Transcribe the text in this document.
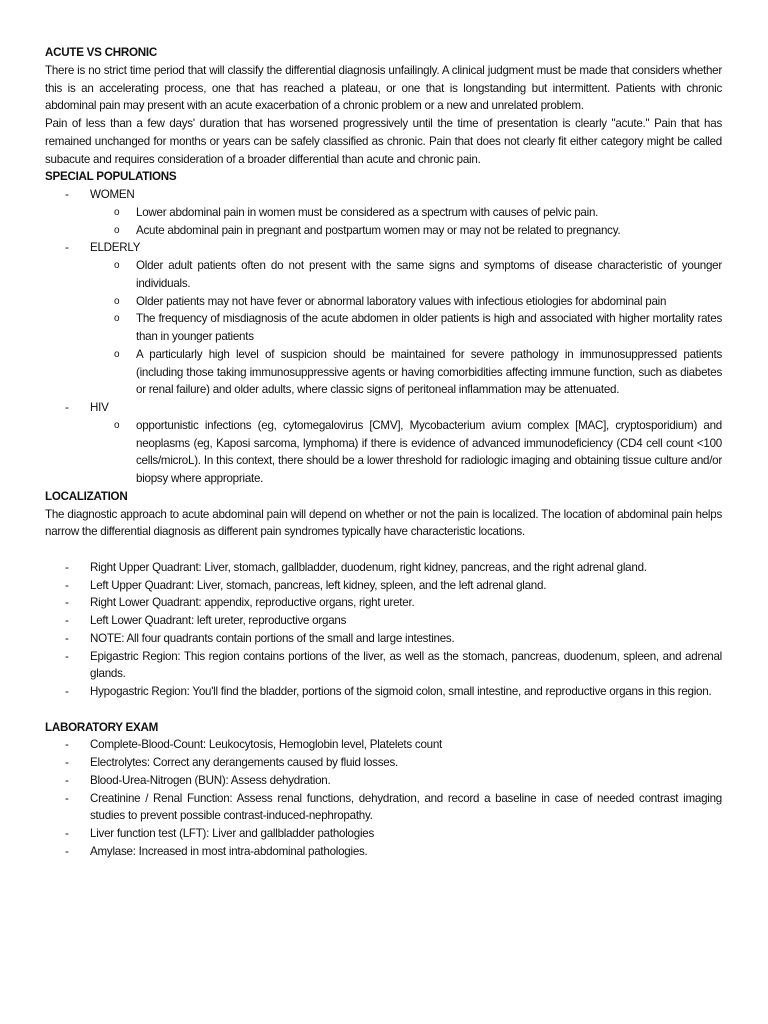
ACUTE VS CHRONIC

There is no strict time period that will classify the differential diagnosis unfailingly. A clinical judgment must be made that considers whether this is an accelerating process, one that has reached a plateau, or one that is longstanding but intermittent. Patients with chronic abdominal pain may present with an acute exacerbation of a chronic problem or a new and unrelated problem.

Pain of less than a few days' duration that has worsened progressively until the time of presentation is clearly "acute." Pain that has remained unchanged for months or years can be safely classified as chronic. Pain that does not clearly fit either category might be called subacute and requires consideration of a broader differential than acute and chronic pain.

SPECIAL POPULATIONS
- WOMEN
o Lower abdominal pain in women must be considered as a spectrum with causes of pelvic pain.
o Acute abdominal pain in pregnant and postpartum women may or may not be related to pregnancy.
- ELDERLY
o Older adult patients often do not present with the same signs and symptoms of disease characteristic of younger individuals.
o Older patients may not have fever or abnormal laboratory values with infectious etiologies for abdominal pain
o The frequency of misdiagnosis of the acute abdomen in older patients is high and associated with higher mortality rates than in younger patients
o A particularly high level of suspicion should be maintained for severe pathology in immunosuppressed patients (including those taking immunosuppressive agents or having comorbidities affecting immune function, such as diabetes or renal failure) and older adults, where classic signs of peritoneal inflammation may be attenuated.
- HIV
o opportunistic infections (eg, cytomegalovirus [CMV], Mycobacterium avium complex [MAC], cryptosporidium) and neoplasms (eg, Kaposi sarcoma, lymphoma) if there is evidence of advanced immunodeficiency (CD4 cell count <100 cells/microL). In this context, there should be a lower threshold for radiologic imaging and obtaining tissue culture and/or biopsy where appropriate.
LOCALIZATION

The diagnostic approach to acute abdominal pain will depend on whether or not the pain is localized. The location of abdominal pain helps narrow the differential diagnosis as different pain syndromes typically have characteristic locations.

- Right Upper Quadrant: Liver, stomach, gallbladder, duodenum, right kidney, pancreas, and the right adrenal gland.
- Left Upper Quadrant: Liver, stomach, pancreas, left kidney, spleen, and the left adrenal gland.
- Right Lower Quadrant: appendix, reproductive organs, right ureter.
- Left Lower Quadrant: left ureter, reproductive organs
- NOTE: All four quadrants contain portions of the small and large intestines.
- Epigastric Region: This region contains portions of the liver, as well as the stomach, pancreas, duodenum, spleen, and adrenal glands.
- Hypogastric Region: You'll find the bladder, portions of the sigmoid colon, small intestine, and reproductive organs in this region.
LABORATORY EXAM
- Complete-Blood-Count: Leukocytosis, Hemoglobin level, Platelets count
- Electrolytes: Correct any derangements caused by fluid losses.
- Blood-Urea-Nitrogen (BUN): Assess dehydration.
- Creatinine / Renal Function: Assess renal functions, dehydration, and record a baseline in case of needed contrast imaging studies to prevent possible contrast-induced-nephropathy.
- Liver function test (LFT): Liver and gallbladder pathologies
- Amylase: Increased in most intra-abdominal pathologies.
